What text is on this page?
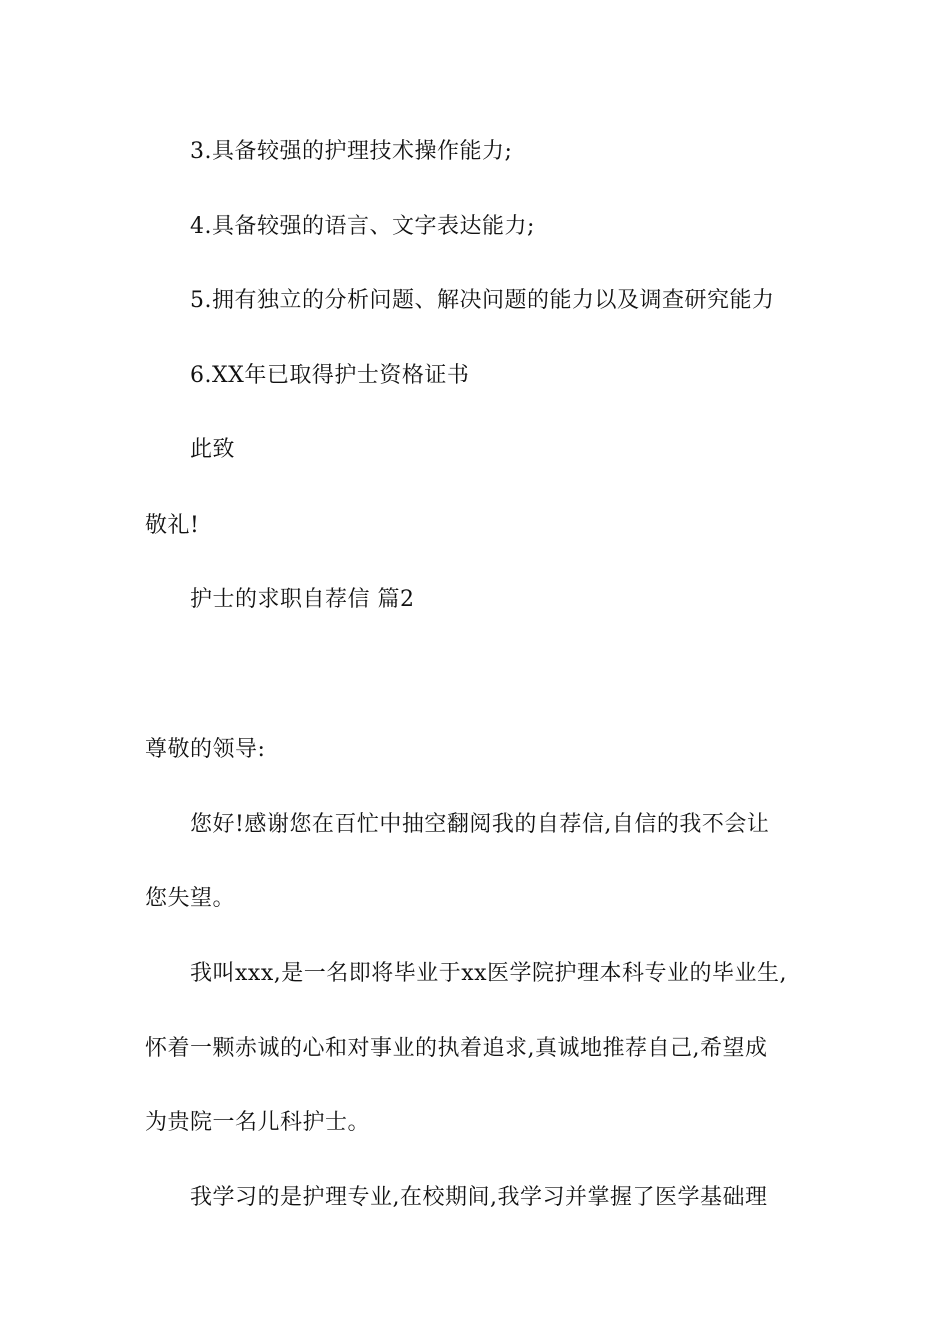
3.具备较强的护理技术操作能力;
4.具备较强的语言、文字表达能力;
5.拥有独立的分析问题、解决问题的能力以及调查研究能力
6.XX年已取得护士资格证书
此致
敬礼!
护士的求职自荐信 篇2
尊敬的领导:
您好!感谢您在百忙中抽空翻阅我的自荐信,自信的我不会让
您失望。
我叫xxx,是一名即将毕业于xx医学院护理本科专业的毕业生,
怀着一颗赤诚的心和对事业的执着追求,真诚地推荐自己,希望成
为贵院一名儿科护士。
我学习的是护理专业,在校期间,我学习并掌握了医学基础理
